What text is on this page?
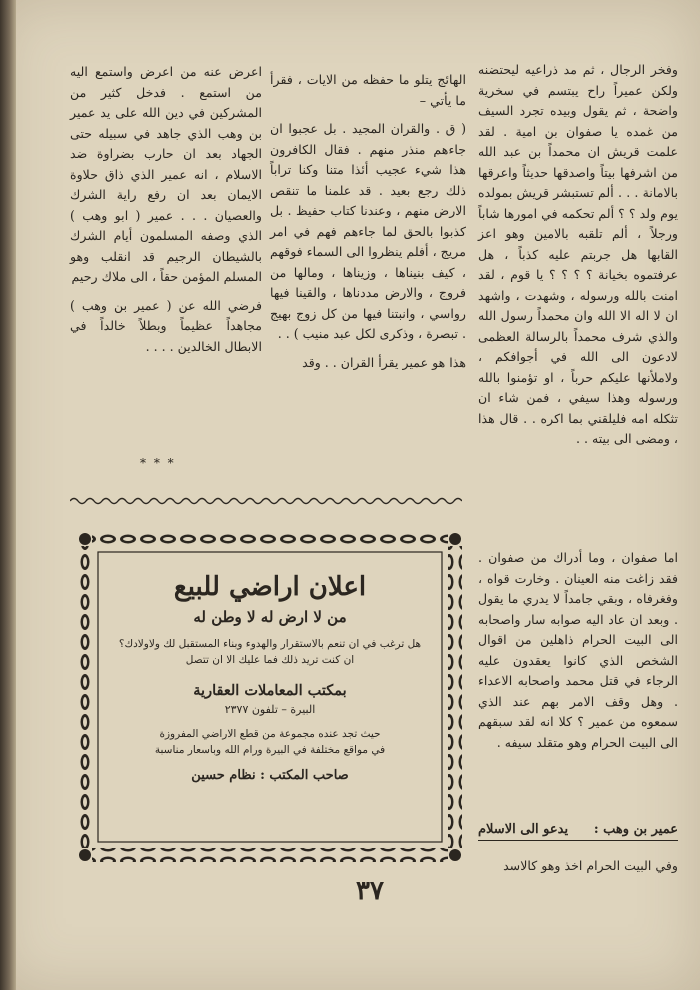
وفخر الرجال ، ثم مد ذراعيه ليحتضنه ولكن عميراً راح يبتسم في سخرية واضحة ، ثم يقول وبيده تجرد السيف من غمده يا صفوان بن امية . لقد علمت قريش ان محمداً بن عبد الله من اشرفها بيتاً واصدقها حديثاً واعرقها بالامانة . . . ألم تستبشر قريش بمولده يوم ولد ؟ ؟ ألم تحكمه في امورها شاباً ورجلاً ، ألم تلقبه بالامين وهو اعز القابها هل جربتم عليه كذباً ، هل عرفتموه بخيانة ؟ ؟ ؟ ؟ يا قوم ، لقد امنت بالله ورسوله ، وشهدت ، واشهد ان لا اله الا الله وان محمداً رسول الله والذي شرف محمداً بالرسالة العظمى لادعون الى الله في أجوافكم ، ولاملأنها عليكم حرباً ، او تؤمنوا بالله ورسوله وهذا سيفي ، فمن شاء ان تثكله امه فليلقني بما اكره . . قال هذا ، ومضى الى بيته . .

اما صفوان ، وما أدراك من صفوان . فقد زاغت منه العينان . وخارت قواه ، وفغرفاه ، وبقي جامداً لا يدري ما يقول . وبعد ان عاد اليه صوابه سار واصحابه الى البيت الحرام ذاهلين من اقوال الشخص الذي كانوا يعقدون عليه الرجاء في قتل محمد واصحابه الاعداء . وهل وقف الامر بهم عند الذي سمعوه من عمير ؟ كلا انه لقد سبقهم الى البيت الحرام وهو متقلد سيفه .

عمير بن وهب :
يدعو الى الاسلام
وفي البيت الحرام اخذ وهو كالاسد

الهائج يتلو ما حفظه من الايات ، فقرأ ما يأتي –

( ق . والقران المجيد . بل عجبوا ان جاءهم منذر منهم . فقال الكافرون هذا شيء عجيب أئذا متنا وكنا تراباً ذلك رجع بعيد . قد علمنا ما تنقص الارض منهم ، وعندنا كتاب حفيظ . بل كذبوا بالحق لما جاءهم فهم في امر مريج ، أفلم ينظروا الى السماء فوقهم ، كيف بنيناها ، وزيناها ، ومالها من فروج ، والارض مددناها ، والقينا فيها رواسي ، وانبتنا فيها من كل زوج بهيج . تبصرة ، وذكرى لكل عبد منيب ) . .

هذا هو عمير يقرأ القران . . وقد

اعرض عنه من اعرض واستمع اليه من استمع . فدخل كثير من المشركين في دين الله على يد عمير بن وهب الذي جاهد في سبيله حتى الجهاد بعد ان حارب بضراوة ضد الاسلام ، انه عمير الذي ذاق حلاوة الايمان بعد ان رفع راية الشرك والعصيان . . . عمير ( ابو وهب ) الذي وصفه المسلمون أيام الشرك بالشيطان الرجيم قد انقلب وهو المسلم المؤمن حقاً ، الى ملاك رحيم

فرضي الله عن ( عمير بن وهب ) مجاهداً عظيماً وبطلاً خالداً في الابطال الخالدين . . . .

* * *
اعلان اراضي للبيع
من لا ارض له لا وطن له
هل ترغب في ان تنعم بالاستقرار والهدوء وبناء المستقبل لك ولاولادك؟
ان كنت تريد ذلك فما عليك الا ان تتصل
بمكتب المعاملات العقارية
البيرة – تلفون ٢٣٧٧
حيث تجد عنده مجموعة من قطع الاراضي المفروزة
في مواقع مختلفة في البيرة ورام الله وباسعار مناسبة
صاحب المكتب : نظام حسين
٣٧
